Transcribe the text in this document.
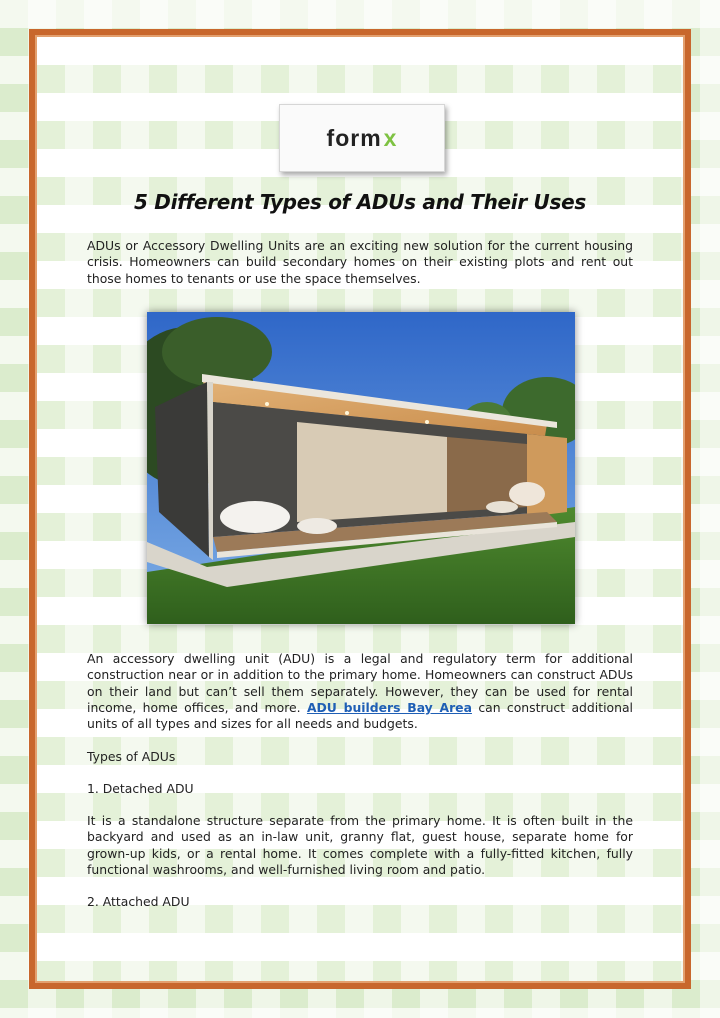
formx
5 Different Types of ADUs and Their Uses

ADUs or Accessory Dwelling Units are an exciting new solution for the current housing crisis. Homeowners can build secondary homes on their existing plots and rent out those homes to tenants or use the space themselves.

An accessory dwelling unit (ADU) is a legal and regulatory term for additional construction near or in addition to the primary home. Homeowners can construct ADUs on their land but can’t sell them separately. However, they can be used for rental income, home offices, and more. ADU builders Bay Area can construct additional units of all types and sizes for all needs and budgets.

Types of ADUs

1. Detached ADU

It is a standalone structure separate from the primary home. It is often built in the backyard and used as an in-law unit, granny flat, guest house, separate home for grown-up kids, or a rental home. It comes complete with a fully-fitted kitchen, fully functional washrooms, and well-furnished living room and patio.

2. Attached ADU
